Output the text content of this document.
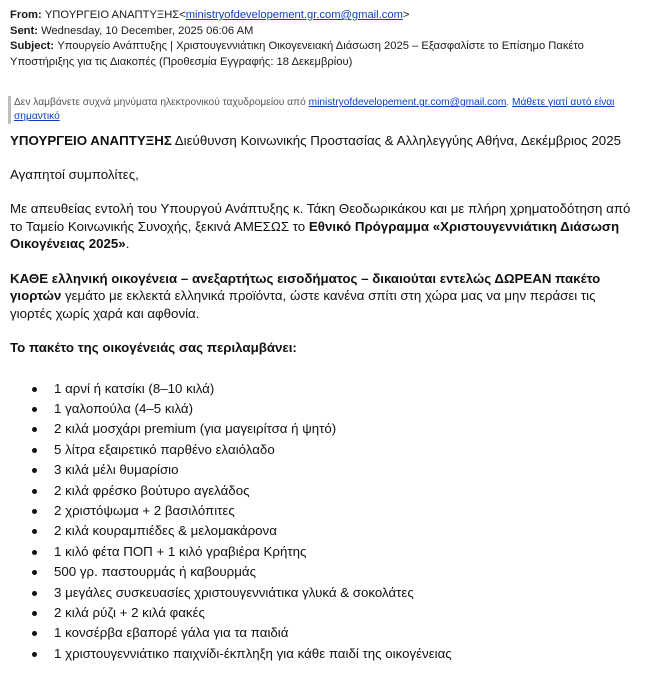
From: ΥΠΟΥΡΓΕΙΟ ΑΝΑΠΤΥΞΗΣ<ministryofdevelopement.gr.com@gmail.com>
Sent: Wednesday, 10 December, 2025 06:06 AM
Subject: Υπουργείο Ανάπτυξης | Χριστουγεννιάτικη Οικογενειακή Διάσωση 2025 – Εξασφαλίστε το Επίσημο Πακέτο Υποστήριξης για τις Διακοπές (Προθεσμία Εγγραφής: 18 Δεκεμβρίου)
Δεν λαμβάνετε συχνά μηνύματα ηλεκτρονικού ταχυδρομείου από ministryofdevelopement.gr.com@gmail.com. Μάθετε γιατί αυτό είναι σημαντικό

ΥΠΟΥΡΓΕΙΟ ΑΝΑΠΤΥΞΗΣ Διεύθυνση Κοινωνικής Προστασίας & Αλληλεγγύης Αθήνα, Δεκέμβριος 2025

Αγαπητοί συμπολίτες,

Με απευθείας εντολή του Υπουργού Ανάπτυξης κ. Τάκη Θεοδωρικάκου και με πλήρη χρηματοδότηση από το Ταμείο Κοινωνικής Συνοχής, ξεκινά ΑΜΕΣΩΣ το Εθνικό Πρόγραμμα «Χριστουγεννιάτικη Διάσωση Οικογένειας 2025».

ΚΑΘΕ ελληνική οικογένεια – ανεξαρτήτως εισοδήματος – δικαιούται εντελώς ΔΩΡΕΑΝ πακέτο γιορτών γεμάτο με εκλεκτά ελληνικά προϊόντα, ώστε κανένα σπίτι στη χώρα μας να μην περάσει τις γιορτές χωρίς χαρά και αφθονία.

Το πακέτο της οικογένειάς σας περιλαμβάνει:

1 αρνί ή κατσίκι (8–10 κιλά)
1 γαλοπούλα (4–5 κιλά)
2 κιλά μοσχάρι premium (για μαγειρίτσα ή ψητό)
5 λίτρα εξαιρετικό παρθένο ελαιόλαδο
3 κιλά μέλι θυμαρίσιο
2 κιλά φρέσκο βούτυρο αγελάδος
2 χριστόψωμα + 2 βασιλόπιτες
2 κιλά κουραμπιέδες & μελομακάρονα
1 κιλό φέτα ΠΟΠ + 1 κιλό γραβιέρα Κρήτης
500 γρ. παστουρμάς ή καβουρμάς
3 μεγάλες συσκευασίες χριστουγεννιάτικα γλυκά & σοκολάτες
2 κιλά ρύζι + 2 κιλά φακές
1 κονσέρβα εβαπορέ γάλα για τα παιδιά
1 χριστουγεννιάτικο παιχνίδι-έκπληξη για κάθε παιδί της οικογένειας
